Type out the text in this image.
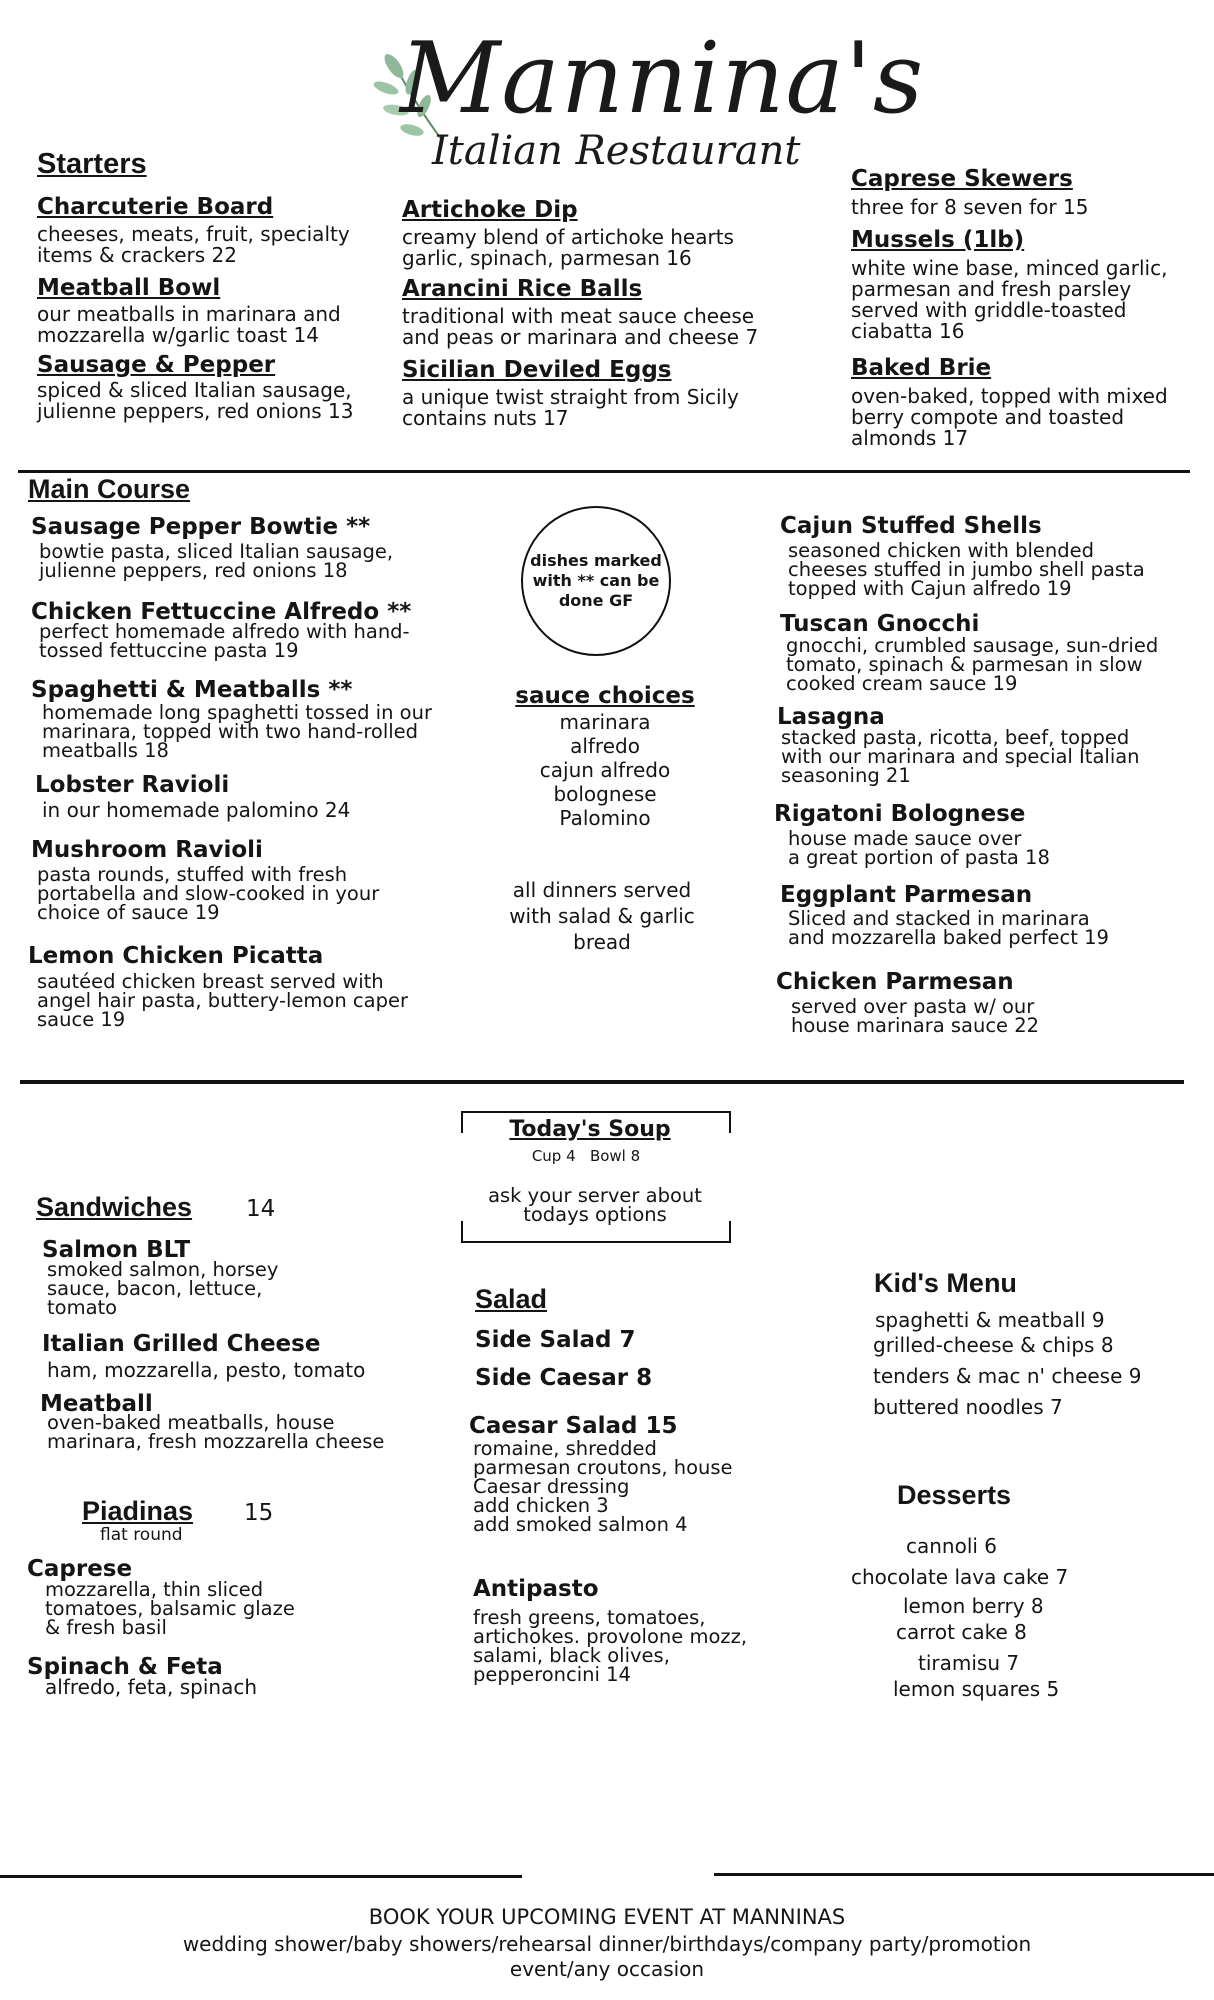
Mannina's
Italian Restaurant
Starters
Charcuterie Board
cheeses, meats, fruit, specialty
items & crackers 22
Meatball Bowl
our meatballs in marinara and
mozzarella w/garlic toast 14
Sausage & Pepper
spiced & sliced Italian sausage,
julienne peppers, red onions 13
Artichoke Dip
creamy blend of artichoke hearts
garlic, spinach, parmesan 16
Arancini Rice Balls
traditional with meat sauce cheese
and peas or marinara and cheese 7
Sicilian Deviled Eggs
a unique twist straight from Sicily
contains nuts 17
Caprese Skewers
three for 8 seven for 15
Mussels (1lb)
white wine base, minced garlic,
parmesan and fresh parsley
served with griddle-toasted
ciabatta 16
Baked Brie
oven-baked, topped with mixed
berry compote and toasted
almonds 17
Main Course
Sausage Pepper Bowtie **
bowtie pasta, sliced Italian sausage,
julienne peppers, red onions 18
Chicken Fettuccine Alfredo **
perfect homemade alfredo with hand-
tossed fettuccine pasta 19
Spaghetti & Meatballs **
homemade long spaghetti tossed in our
marinara, topped with two hand-rolled
meatballs 18
Lobster Ravioli
in our homemade palomino 24
Mushroom Ravioli
pasta rounds, stuffed with fresh
portabella and slow-cooked in your
choice of sauce 19
Lemon Chicken Picatta
sautéed chicken breast served with
angel hair pasta, buttery-lemon caper
sauce 19
dishes marked
with ** can be
done GF
sauce choices
marinara
alfredo
cajun alfredo
bolognese
Palomino
all dinners served
with salad & garlic
bread
Cajun Stuffed Shells
seasoned chicken with blended
cheeses stuffed in jumbo shell pasta
topped with Cajun alfredo 19
Tuscan Gnocchi
gnocchi, crumbled sausage, sun-dried
tomato, spinach & parmesan in slow
cooked cream sauce 19
Lasagna
stacked pasta, ricotta, beef, topped
with our marinara and special Italian
seasoning 21
Rigatoni Bolognese
house made sauce over
a great portion of pasta 18
Eggplant Parmesan
Sliced and stacked in marinara
and mozzarella baked perfect 19
Chicken Parmesan
served over pasta w/ our
house marinara sauce 22
Today's Soup
Cup 4   Bowl 8
ask your server about
todays options
Sandwiches 14
Salmon BLT
smoked salmon, horsey
sauce, bacon, lettuce,
tomato
Italian Grilled Cheese
ham, mozzarella, pesto, tomato
Meatball
oven-baked meatballs, house
marinara, fresh mozzarella cheese
Piadinas 15
flat round
Caprese
mozzarella, thin sliced
tomatoes, balsamic glaze
& fresh basil
Spinach & Feta
alfredo, feta, spinach
Salad
Side Salad 7
Side Caesar 8
Caesar Salad 15
romaine, shredded
parmesan croutons, house
Caesar dressing
add chicken 3
add smoked salmon 4
Antipasto
fresh greens, tomatoes,
artichokes. provolone mozz,
salami, black olives,
pepperoncini 14
Kid's Menu
spaghetti & meatball 9
grilled-cheese & chips 8
tenders & mac n' cheese 9
buttered noodles 7
Desserts
cannoli 6
chocolate lava cake 7
lemon berry 8
carrot cake 8
tiramisu 7
lemon squares 5
BOOK YOUR UPCOMING EVENT AT MANNINAS
wedding shower/baby showers/rehearsal dinner/birthdays/company party/promotion
event/any occasion
